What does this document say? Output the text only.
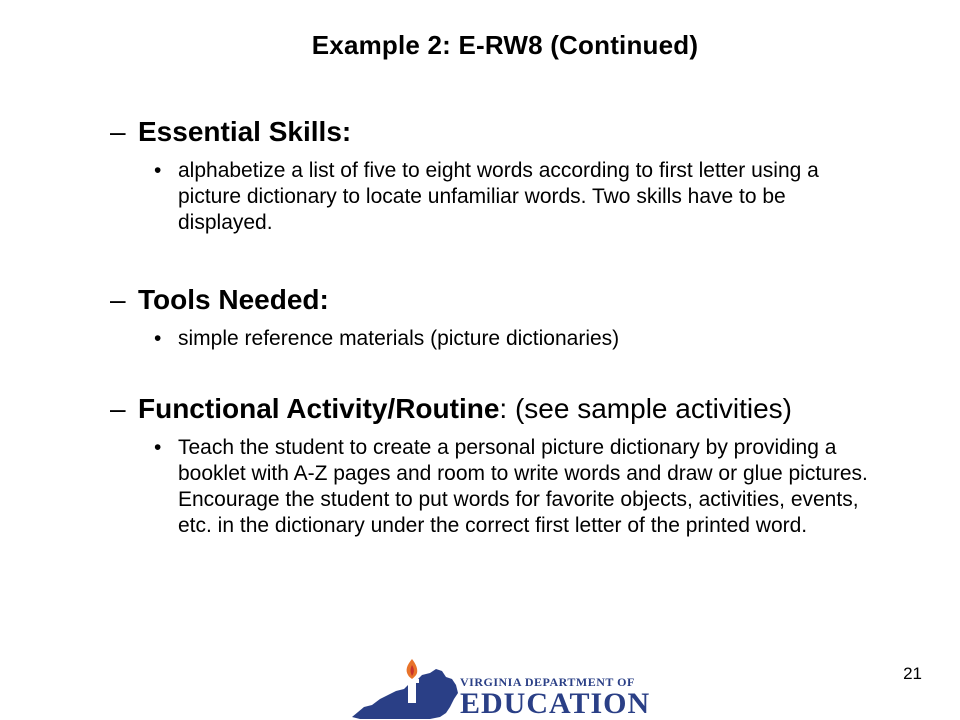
Example 2: E-RW8 (Continued)
– Essential Skills:
• alphabetize a list of five to eight words according to first letter using a picture dictionary to locate unfamiliar words. Two skills have to be displayed.
– Tools Needed:
• simple reference materials (picture dictionaries)
– Functional Activity/Routine: (see sample activities)
• Teach the student to create a personal picture dictionary by providing a booklet with A-Z pages and room to write words and draw or glue pictures. Encourage the student to put words for favorite objects, activities, events, etc. in the dictionary under the correct first letter of the printed word.
21
VIRGINIA DEPARTMENT OF
EDUCATION
